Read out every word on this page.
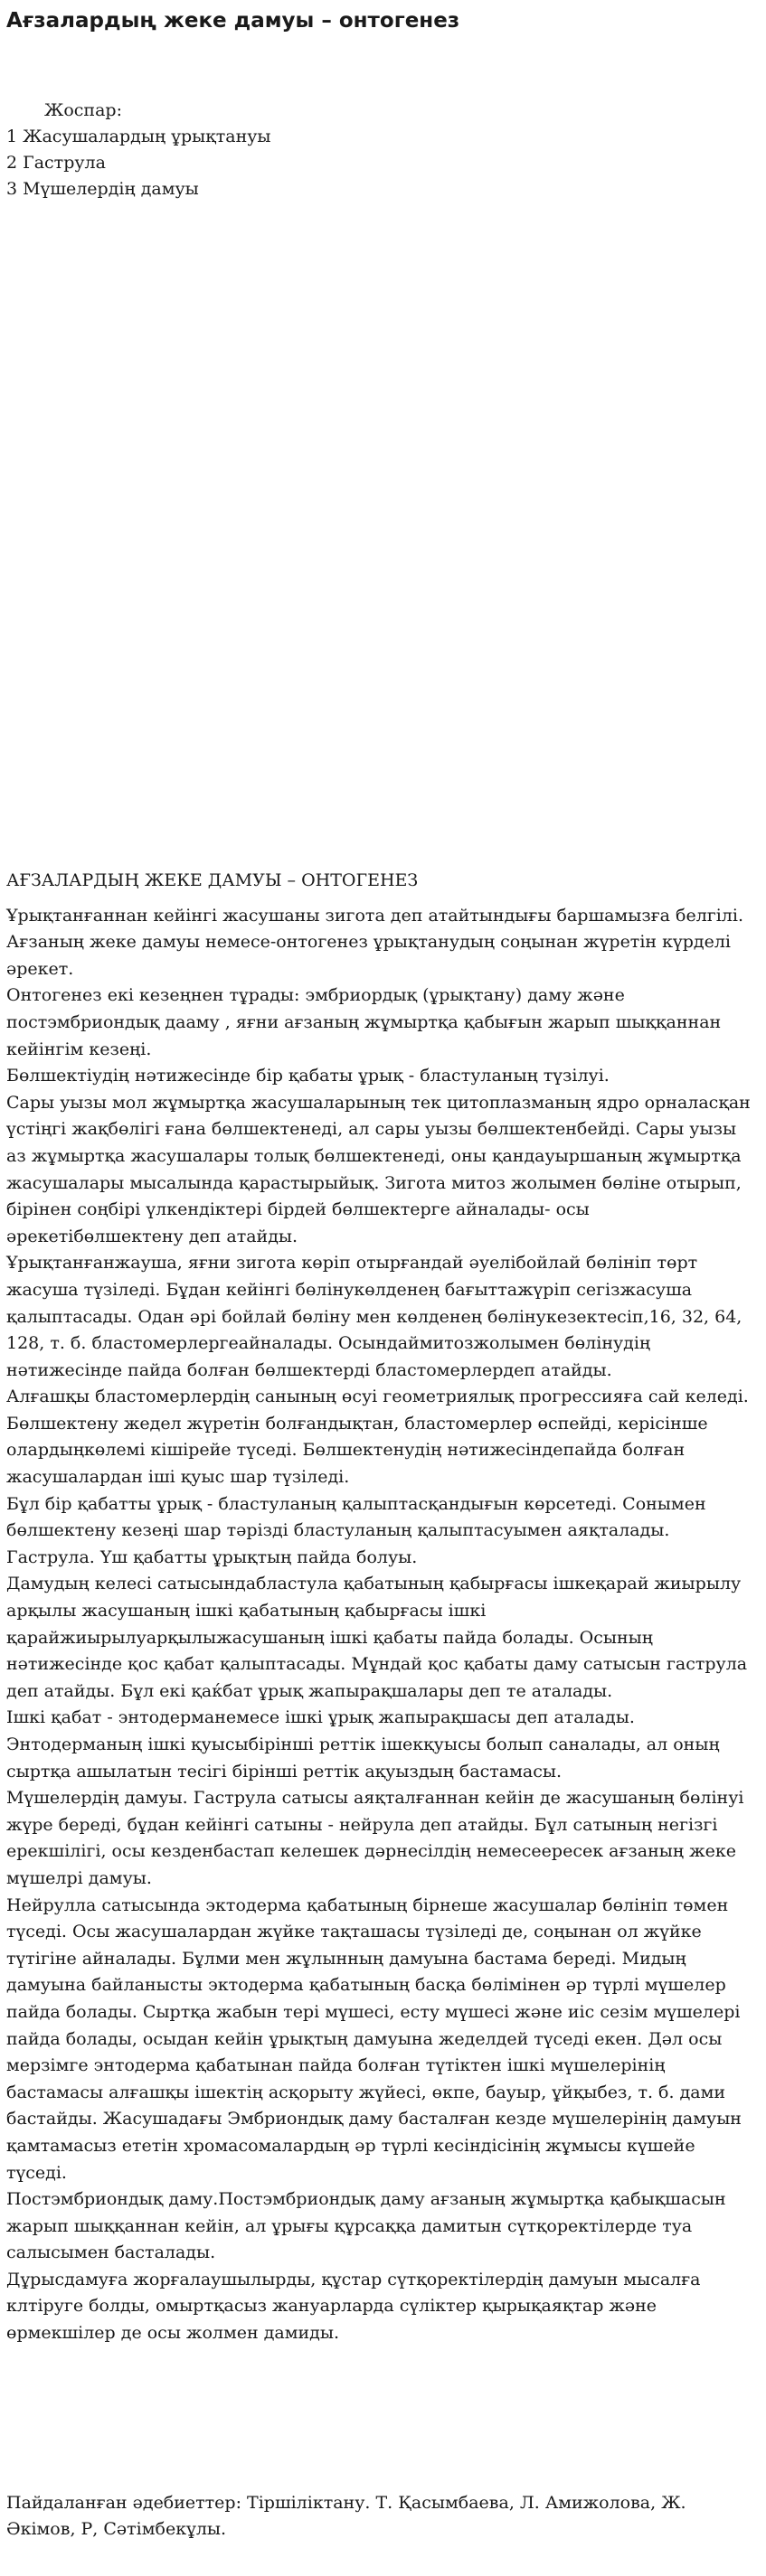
Ағзалардың жеке дамуы – онтогенез
Жоспар:
1 Жасушалардың ұрықтануы
2 Гаструла
3 Мүшелердің дамуы
АҒЗАЛАРДЫҢ ЖЕКЕ ДАМУЫ – ОНТОГЕНЕЗ

Ұрықтанғаннан кейінгі жасушаны зигота деп атайтындығы баршамызға белгілі. Ағзаның жеке дамуы немесе-онтогенез ұрықтанудың соңынан жүретін күрделі әрекет.

Онтогенез екі кезеңнен тұрады: эмбриордық (ұрықтану) даму және постэмбриондық дааму , яғни ағзаның жұмыртқа қабығын жарып шыққаннан кейінгім кезеңі.

Бөлшектіудің нәтижесінде бір қабаты ұрық - бластуланың түзілуі.

Сары уызы мол жұмыртқа жасушаларының тек цитоплазманың ядро орналасқан үстіңгі жақбөлігі ғана бөлшектенеді, ал сары уызы бөлшектенбейді. Сары уызы аз жұмыртқа жасушалары толық бөлшектенеді, оны қандауыршаның жұмыртқа жасушалары мысалында қарастырыйық. Зигота митоз жолымен бөліне отырып, бірінен соңбірі үлкендіктері бірдей бөлшектерге айналады- осы әрекетібөлшектену деп атайды.

Ұрықтанғанжауша, яғни зигота көріп отырғандай әуелібойлай бөлініп төрт жасуша түзіледі. Бұдан кейінгі бөлінукөлденең бағыттажүріп сегізжасуша қалыптасады. Одан әрі бойлай бөліну мен көлденең бөлінукезектесіп,16, 32, 64, 128, т. б. бластомерлергеайналады. Осындаймитозжолымен бөлінудің нәтижесінде пайда болған бөлшектерді бластомерлердеп атайды.

Алғашқы бластомерлердің санының өсуі геометриялық прогрессияға сай келеді. Бөлшектену жедел жүретін болғандықтан, бластомерлер өспейді, керісінше олардыңкөлемі кішірейе түседі. Бөлшектенудің нәтижесіндепайда болған жасушалардан іші қуыс шар түзіледі.

Бұл бір қабатты ұрық - бластуланың қалыптасқандығын көрсетеді. Сонымен бөлшектену кезеңі шар тәрізді бластуланың қалыптасуымен аяқталады.

Гаструла. Үш қабатты ұрықтың пайда болуы.

Дамудың келесі сатысындабластула қабатының қабырғасы ішкеқарай жиырылу арқылы жасушаның ішкі қабатының қабырғасы ішкі қарайжиырылуарқылыжасушаның ішкі қабаты пайда болады. Осының нәтижесінде қос қабат қалыптасады. Мұндай қос қабаты даму сатысын гаструла деп атайды. Бұл екі қаќбат ұрық жапырақшалары деп те аталады.

Ішкі қабат - энтодерманемесе ішкі ұрық жапырақшасы деп аталады. Энтодерманың ішкі қуысыбірінші реттік ішекқуысы болып саналады, ал оның сыртқа ашылатын тесігі бірінші реттік ақуыздың бастамасы.

Мүшелердің дамуы. Гаструла сатысы аяқталғаннан кейін де жасушаның бөлінуі жүре береді, бұдан кейінгі сатыны - нейрула деп атайды. Бұл сатының негізгі ерекшілігі, осы кезденбастап келешек дәрнесілдің немесеересек ағзаның жеке мүшелрі дамуы.

Нейрулла сатысында эктодерма қабатының бірнеше жасушалар бөлініп төмен түседі. Осы жасушалардан жүйке тақташасы түзіледі де, соңынан ол жүйке түтігіне айналады. Бұлми мен жұлынның дамуына бастама береді. Мидың дамуына байланысты эктодерма қабатының басқа бөлімінен әр түрлі мүшелер пайда болады. Сыртқа жабын тері мүшесі, есту мүшесі және иіс сезім мүшелері пайда болады, осыдан кейін ұрықтың дамуына жеделдей түседі екен. Дәл осы мерзімге энтодерма қабатынан пайда болған түтіктен ішкі мүшелерінің бастамасы алғашқы ішектің асқорыту жүйесі, өкпе, бауыр, ұйқыбез, т. б. дами бастайды. Жасушадағы Эмбриондық даму басталған кезде мүшелерінің дамуын қамтамасыз ететін хромасомалардың әр түрлі кесіндісінің жұмысы күшейе түседі.

Постэмбриондық даму.Постэмбриондық даму ағзаның жұмыртқа қабықшасын жарып шыққаннан кейін, ал ұрығы құрсаққа дамитын сүтқоректілерде туа салысымен басталады.

Дұрысдамуға жорғалаушылырды, құстар сүтқоректілердің дамуын мысалға клтіруге болды, омыртқасыз жануарларда сүліктер қырықаяқтар және өрмекшілер де осы жолмен дамиды.

Пайдаланған әдебиеттер: Тіршіліктану. Т. Қасымбаева, Л. Амижолова, Ж. Әкімов, Р, Сәтімбекұлы.
